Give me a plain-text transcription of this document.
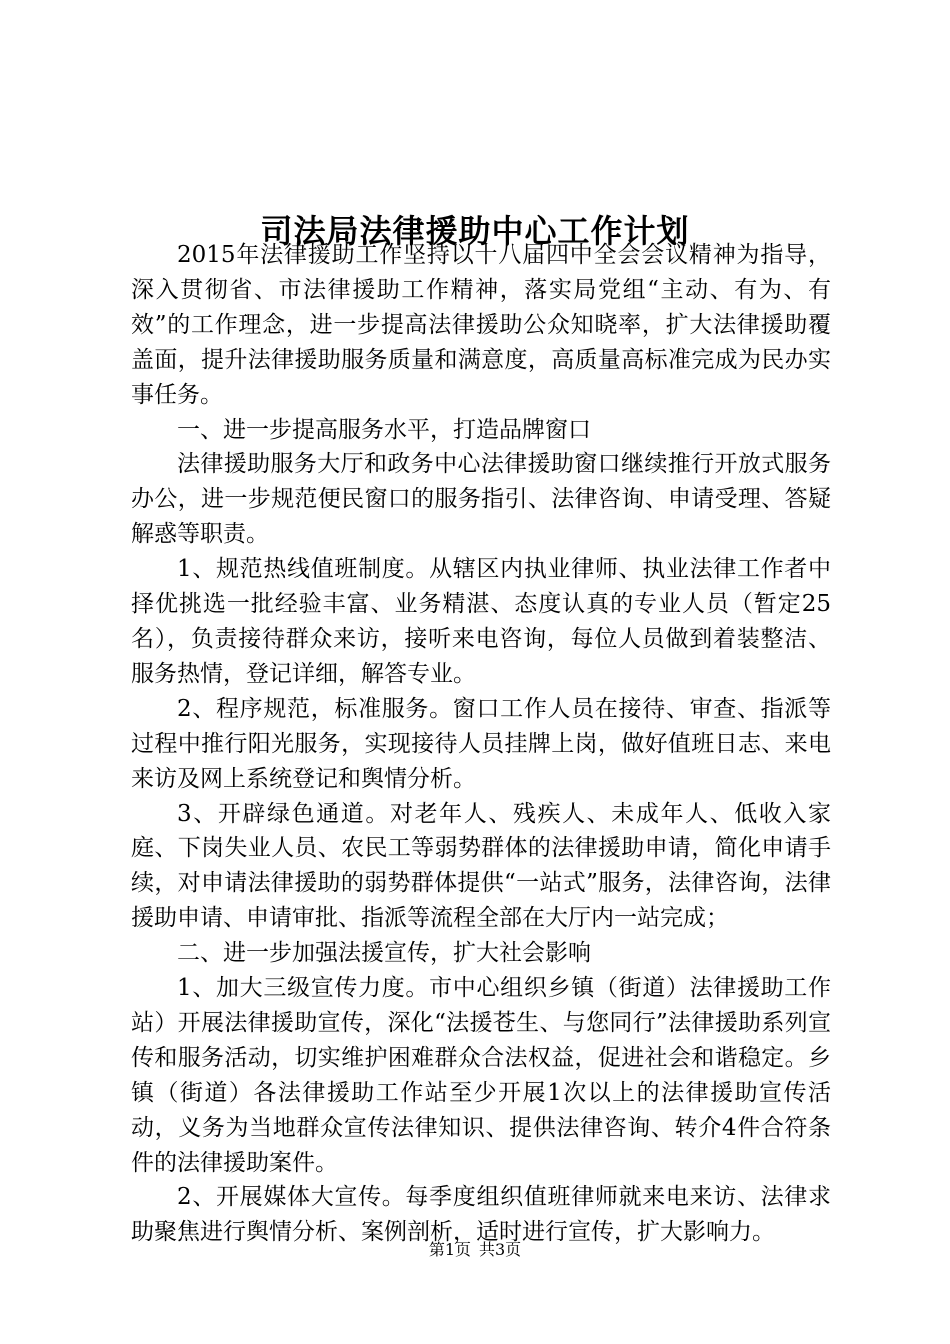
司法局法律援助中心工作计划

2015年法律援助工作坚持以十八届四中全会会议精神为指导，深入贯彻省、市法律援助工作精神，落实局党组“主动、有为、有效”的工作理念，进一步提高法律援助公众知晓率，扩大法律援助覆盖面，提升法律援助服务质量和满意度，高质量高标准完成为民办实事任务。

一、进一步提高服务水平，打造品牌窗口

法律援助服务大厅和政务中心法律援助窗口继续推行开放式服务办公，进一步规范便民窗口的服务指引、法律咨询、申请受理、答疑解惑等职责。

1、规范热线值班制度。从辖区内执业律师、执业法律工作者中择优挑选一批经验丰富、业务精湛、态度认真的专业人员（暂定25名），负责接待群众来访，接听来电咨询，每位人员做到着装整洁、服务热情，登记详细，解答专业。

2、程序规范，标准服务。窗口工作人员在接待、审查、指派等过程中推行阳光服务，实现接待人员挂牌上岗，做好值班日志、来电来访及网上系统登记和舆情分析。

3、开辟绿色通道。对老年人、残疾人、未成年人、低收入家庭、下岗失业人员、农民工等弱势群体的法律援助申请，简化申请手续，对申请法律援助的弱势群体提供“一站式”服务，法律咨询，法律援助申请、申请审批、指派等流程全部在大厅内一站完成；

二、进一步加强法援宣传，扩大社会影响

1、加大三级宣传力度。市中心组织乡镇（街道）法律援助工作站）开展法律援助宣传，深化“法援苍生、与您同行”法律援助系列宣传和服务活动，切实维护困难群众合法权益，促进社会和谐稳定。乡镇（街道）各法律援助工作站至少开展1次以上的法律援助宣传活动，义务为当地群众宣传法律知识、提供法律咨询、转介4件合符条件的法律援助案件。

2、开展媒体大宣传。每季度组织值班律师就来电来访、法律求助聚焦进行舆情分析、案例剖析，适时进行宣传，扩大影响力。

第1页 共3页
